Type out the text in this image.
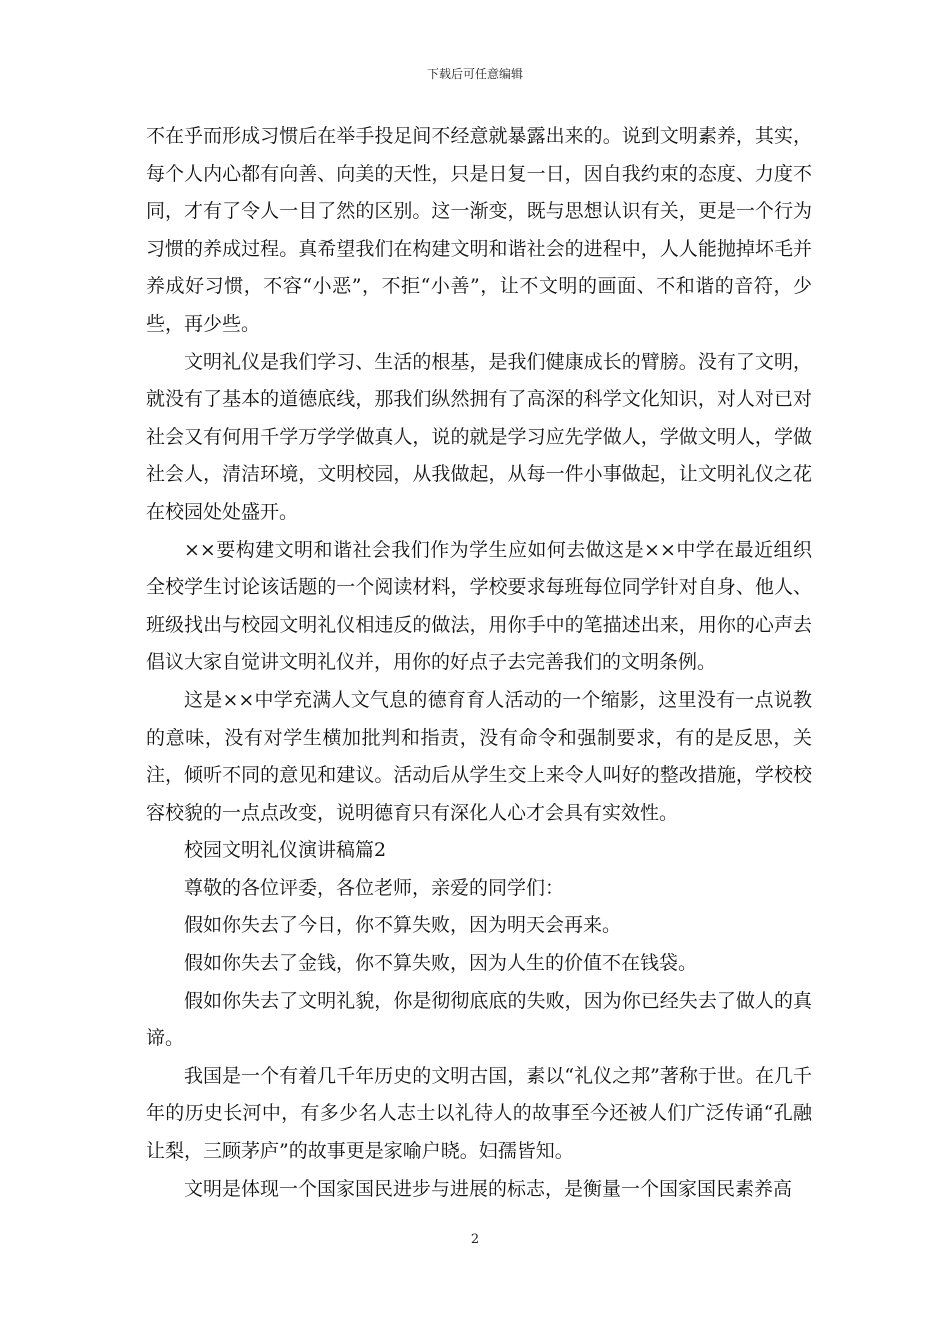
下载后可任意编辑

不在乎而形成习惯后在举手投足间不经意就暴露出来的。说到文明素养，其实，每个人内心都有向善、向美的天性，只是日复一日，因自我约束的态度、力度不同，才有了令人一目了然的区别。这一渐变，既与思想认识有关，更是一个行为习惯的养成过程。真希望我们在构建文明和谐社会的进程中，人人能抛掉坏毛并养成好习惯，不容“小恶”，不拒“小善”，让不文明的画面、不和谐的音符，少些，再少些。

文明礼仪是我们学习、生活的根基，是我们健康成长的臂膀。没有了文明，就没有了基本的道德底线，那我们纵然拥有了高深的科学文化知识，对人对已对社会又有何用千学万学学做真人，说的就是学习应先学做人，学做文明人，学做社会人，清洁环境，文明校园，从我做起，从每一件小事做起，让文明礼仪之花在校园处处盛开。

××要构建文明和谐社会我们作为学生应如何去做这是××中学在最近组织全校学生讨论该话题的一个阅读材料，学校要求每班每位同学针对自身、他人、班级找出与校园文明礼仪相违反的做法，用你手中的笔描述出来，用你的心声去倡议大家自觉讲文明礼仪并，用你的好点子去完善我们的文明条例。

这是××中学充满人文气息的德育育人活动的一个缩影，这里没有一点说教的意味，没有对学生横加批判和指责，没有命令和强制要求，有的是反思，关注，倾听不同的意见和建议。活动后从学生交上来令人叫好的整改措施，学校校容校貌的一点点改变，说明德育只有深化人心才会具有实效性。

校园文明礼仪演讲稿篇2

尊敬的各位评委，各位老师，亲爱的同学们：

假如你失去了今日，你不算失败，因为明天会再来。

假如你失去了金钱，你不算失败，因为人生的价值不在钱袋。

假如你失去了文明礼貌，你是彻彻底底的失败，因为你已经失去了做人的真谛。

我国是一个有着几千年历史的文明古国，素以“礼仪之邦”著称于世。在几千年的历史长河中，有多少名人志士以礼待人的故事至今还被人们广泛传诵“孔融让梨，三顾茅庐”的故事更是家喻户晓。妇孺皆知。

文明是体现一个国家国民进步与进展的标志，是衡量一个国家国民素养高

2
